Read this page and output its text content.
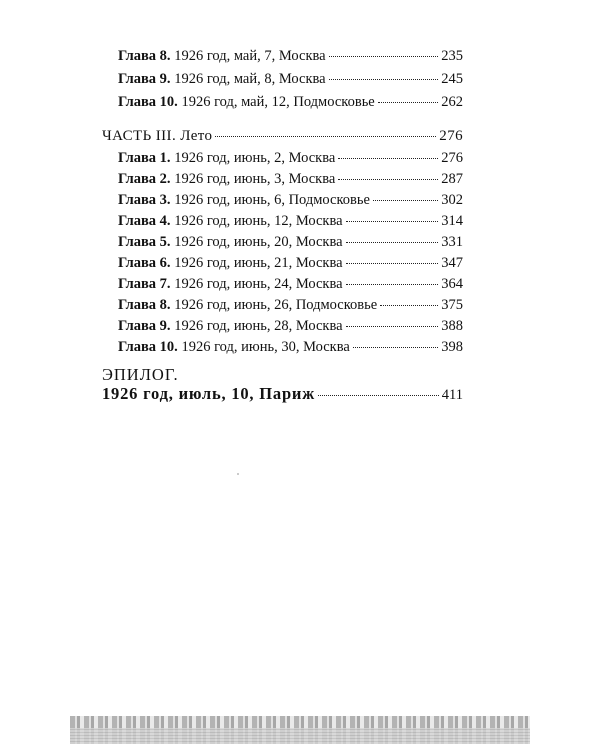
Глава 8. 1926 год, май, 7, Москва	235
Глава 9. 1926 год, май, 8, Москва	245
Глава 10. 1926 год, май, 12, Подмосковье	262
ЧАСТЬ III. Лето	276
Глава 1. 1926 год, июнь, 2, Москва	276
Глава 2. 1926 год, июнь, 3, Москва	287
Глава 3. 1926 год, июнь, 6, Подмосковье	302
Глава 4. 1926 год, июнь, 12, Москва	314
Глава 5. 1926 год, июнь, 20, Москва	331
Глава 6. 1926 год, июнь, 21, Москва	347
Глава 7. 1926 год, июнь, 24, Москва	364
Глава 8. 1926 год, июнь, 26, Подмосковье	375
Глава 9. 1926 год, июнь, 28, Москва	388
Глава 10. 1926 год, июнь, 30, Москва	398
ЭПИЛОГ.
1926 год, июль, 10, Париж	411
